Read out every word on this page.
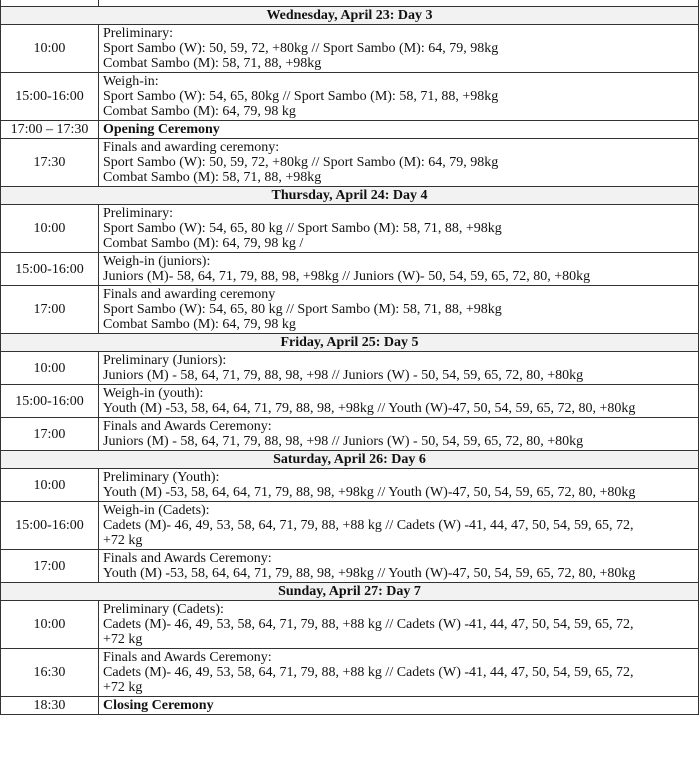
Wednesday, April 23: Day 3	
10:00	Preliminary:
Sport Sambo (W): 50, 59, 72, +80kg // Sport Sambo (M): 64, 79, 98kg
Combat Sambo (M): 58, 71, 88, +98kg

15:00-16:00	Weigh-in:
Sport Sambo (W): 54, 65, 80kg // Sport Sambo (M): 58, 71, 88, +98kg
Combat Sambo (M): 64, 79, 98 kg

17:00 – 17:30	Opening Ceremony

17:30	Finals and awarding ceremony:
Sport Sambo (W): 50, 59, 72, +80kg // Sport Sambo (M): 64, 79, 98kg
Combat Sambo (M): 58, 71, 88, +98kg

Thursday, April 24: Day 4	
10:00	Preliminary:
Sport Sambo (W): 54, 65, 80 kg // Sport Sambo (M): 58, 71, 88, +98kg
Combat Sambo (M): 64, 79, 98 kg /

15:00-16:00	Weigh-in (juniors):
Juniors (M)- 58, 64, 71, 79, 88, 98, +98kg // Juniors (W)- 50, 54, 59, 65, 72, 80, +80kg

17:00	Finals and awarding ceremony
Sport Sambo (W): 54, 65, 80 kg // Sport Sambo (M): 58, 71, 88, +98kg
Combat Sambo (M): 64, 79, 98 kg

Friday, April 25: Day 5	
10:00	Preliminary (Juniors):
Juniors (M) - 58, 64, 71, 79, 88, 98, +98 // Juniors (W) - 50, 54, 59, 65, 72, 80, +80kg

15:00-16:00	Weigh-in (youth):
Youth (M) -53, 58, 64, 64, 71, 79, 88, 98, +98kg // Youth (W)-47, 50, 54, 59, 65, 72, 80, +80kg

17:00	Finals and Awards Ceremony:
Juniors (M) - 58, 64, 71, 79, 88, 98, +98 // Juniors (W) - 50, 54, 59, 65, 72, 80, +80kg

Saturday, April 26: Day 6	
10:00	Preliminary (Youth):
Youth (M) -53, 58, 64, 64, 71, 79, 88, 98, +98kg // Youth (W)-47, 50, 54, 59, 65, 72, 80, +80kg

15:00-16:00	Weigh-in (Cadets):
Cadets (M)- 46, 49, 53, 58, 64, 71, 79, 88, +88 kg // Cadets (W) -41, 44, 47, 50, 54, 59, 65, 72,
+72 kg

17:00	Finals and Awards Ceremony:
Youth (M) -53, 58, 64, 64, 71, 79, 88, 98, +98kg // Youth (W)-47, 50, 54, 59, 65, 72, 80, +80kg

Sunday, April 27: Day 7	
10:00	Preliminary (Cadets):
Cadets (M)- 46, 49, 53, 58, 64, 71, 79, 88, +88 kg // Cadets (W) -41, 44, 47, 50, 54, 59, 65, 72,
+72 kg

16:30	Finals and Awards Ceremony:
Cadets (M)- 46, 49, 53, 58, 64, 71, 79, 88, +88 kg // Cadets (W) -41, 44, 47, 50, 54, 59, 65, 72,
+72 kg

18:30	Closing Ceremony
